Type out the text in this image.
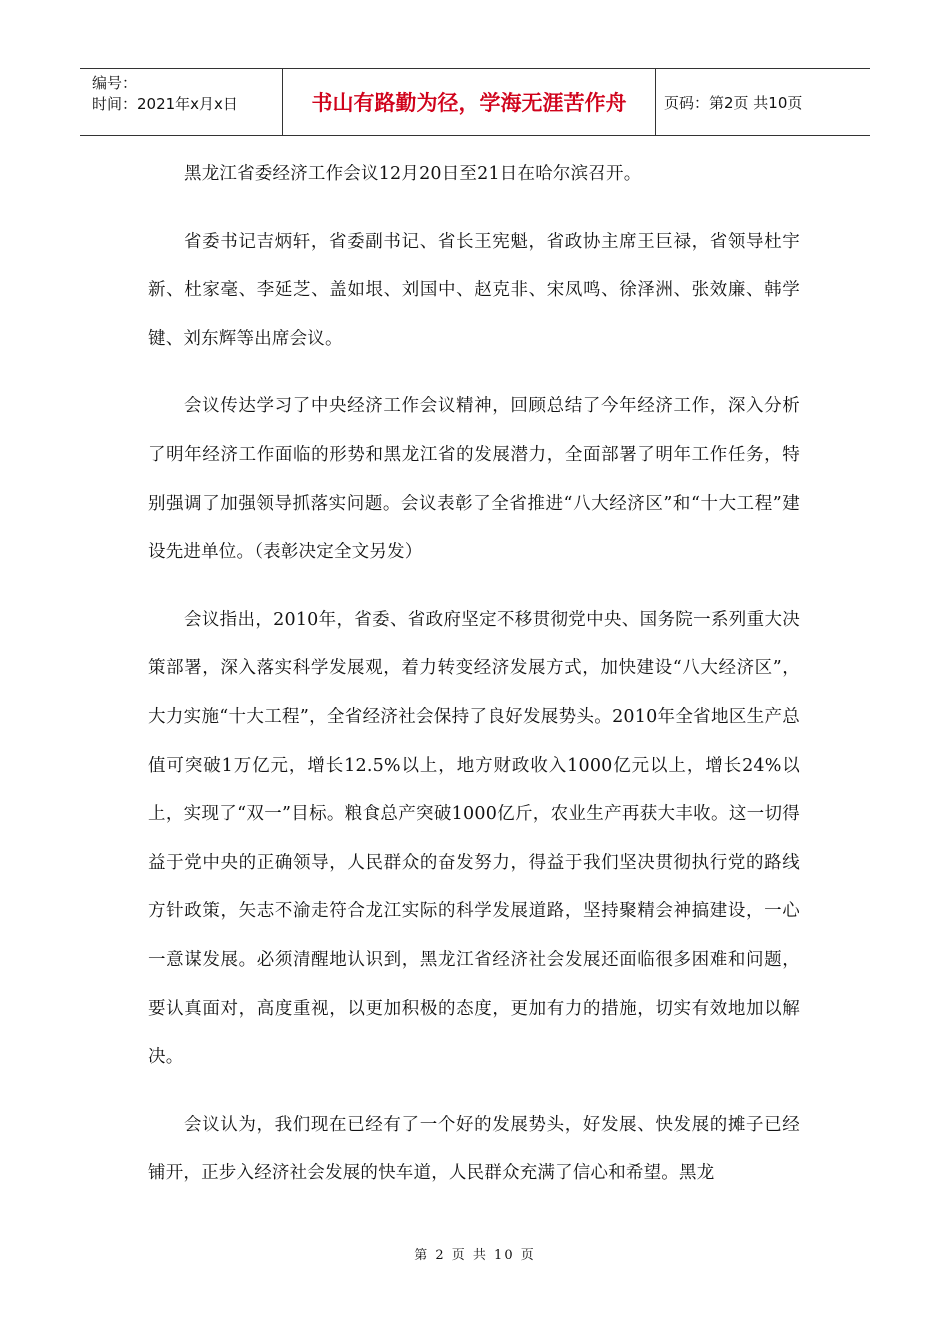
编号：
时间：2021年x月x日	书山有路勤为径，学海无涯苦作舟	页码：第2页 共10页

黑龙江省委经济工作会议12月20日至21日在哈尔滨召开。

省委书记吉炳轩，省委副书记、省长王宪魁，省政协主席王巨禄，省领导杜宇新、杜家毫、李延芝、盖如垠、刘国中、赵克非、宋凤鸣、徐泽洲、张效廉、韩学键、刘东辉等出席会议。

会议传达学习了中央经济工作会议精神，回顾总结了今年经济工作，深入分析了明年经济工作面临的形势和黑龙江省的发展潜力，全面部署了明年工作任务，特别强调了加强领导抓落实问题。会议表彰了全省推进“八大经济区”和“十大工程”建设先进单位。（表彰决定全文另发）

会议指出，2010年，省委、省政府坚定不移贯彻党中央、国务院一系列重大决策部署，深入落实科学发展观，着力转变经济发展方式，加快建设“八大经济区”，大力实施“十大工程”，全省经济社会保持了良好发展势头。2010年全省地区生产总值可突破1万亿元，增长12.5%以上，地方财政收入1000亿元以上，增长24%以上，实现了“双一”目标。粮食总产突破1000亿斤，农业生产再获大丰收。这一切得益于党中央的正确领导，人民群众的奋发努力，得益于我们坚决贯彻执行党的路线方针政策，矢志不渝走符合龙江实际的科学发展道路，坚持聚精会神搞建设，一心一意谋发展。必须清醒地认识到，黑龙江省经济社会发展还面临很多困难和问题，要认真面对，高度重视，以更加积极的态度，更加有力的措施，切实有效地加以解决。

会议认为，我们现在已经有了一个好的发展势头，好发展、快发展的摊子已经铺开，正步入经济社会发展的快车道，人民群众充满了信心和希望。黑龙

第 2 页 共 10 页
